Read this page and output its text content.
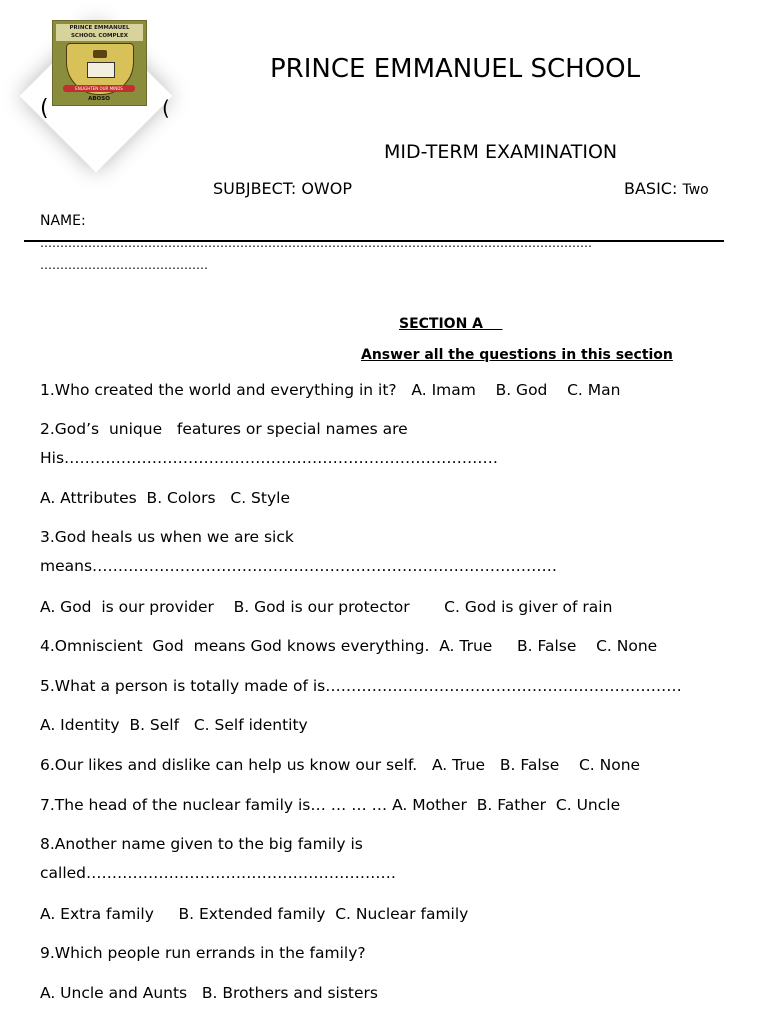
PRINCE EMMANUEL SCHOOL COMPLEX
ENLIGHTEN OUR MINDS
ABOSO
(	(
PRINCE EMMANUEL SCHOOL
MID-TERM EXAMINATION
SUBJBECT: OWOP	BASIC: Two
NAME:
…………………………………………………………………………………………………………………………
……………………………………
SECTION A
Answer all the questions in this section
1.Who created the world and everything in it?   A. Imam    B. God    C. Man
2.God’s  unique   features or special names are
His…………………………………………………………………………
A. Attributes  B. Colors   C. Style
3.God heals us when we are sick
means………………………………………………………………………………
A. God  is our provider    B. God is our protector       C. God is giver of rain
4.Omniscient  God  means God knows everything.  A. True     B. False    C. None
5.What a person is totally made of is……………………………………………………………
A. Identity  B. Self   C. Self identity
6.Our likes and dislike can help us know our self.   A. True   B. False    C. None
7.The head of the nuclear family is… … … … A. Mother  B. Father  C. Uncle
8.Another name given to the big family is
called……………………………………………………
A. Extra family     B. Extended family  C. Nuclear family
9.Which people run errands in the family?
A. Uncle and Aunts   B. Brothers and sisters
